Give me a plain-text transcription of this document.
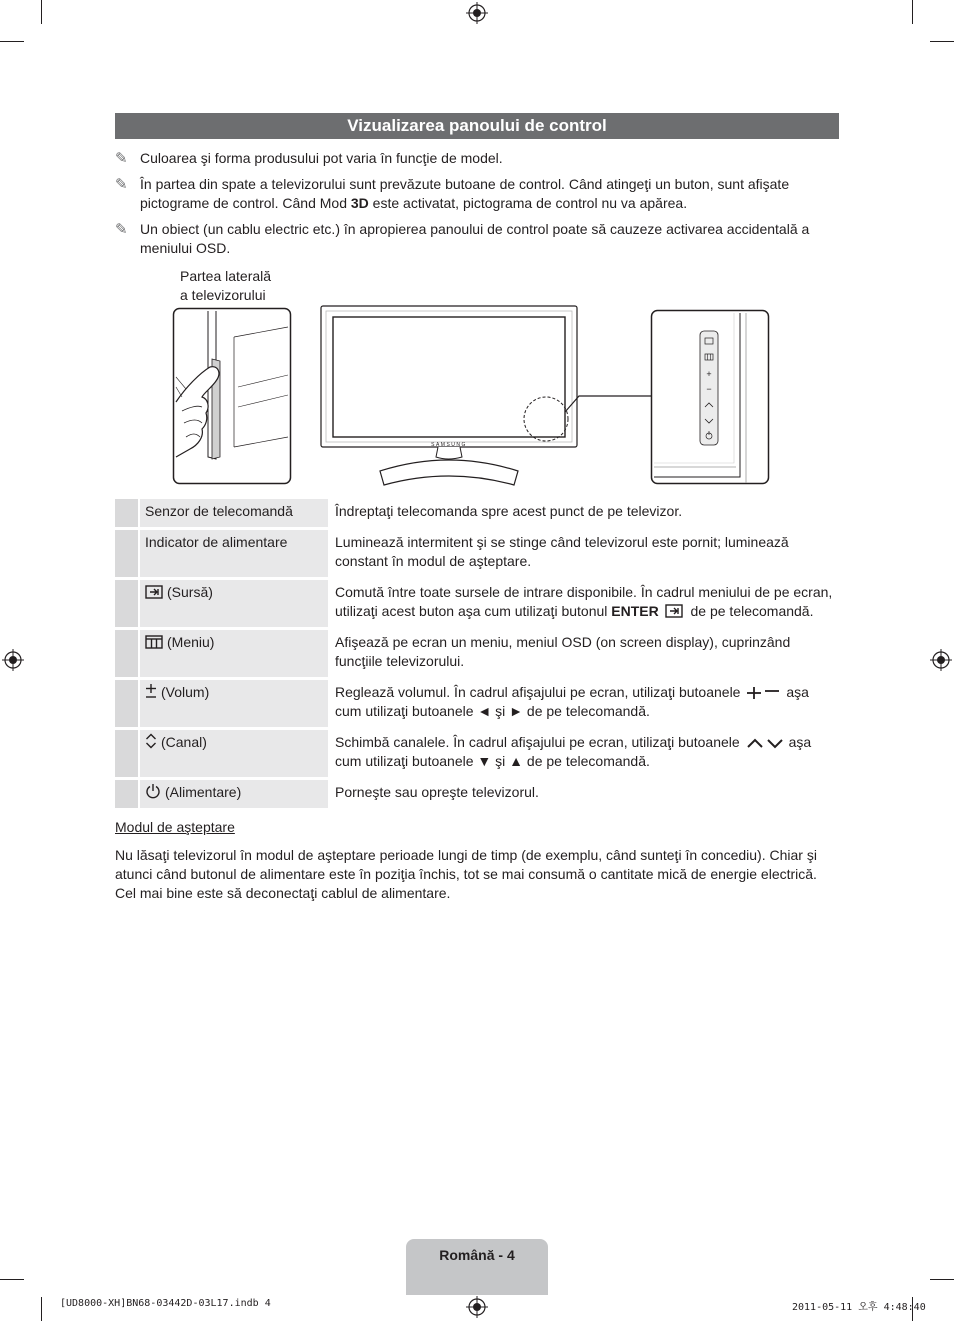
Vizualizarea panoului de control
✎ Culoarea şi forma produsului pot varia în funcţie de model.
✎ În partea din spate a televizorului sunt prevăzute butoane de control. Când atingeţi un buton, sunt afişate pictograme de control. Când Mod 3D este activatat, pictograma de control nu va apărea.
✎ Un obiect (un cablu electric etc.) în apropierea panoului de control poate să cauzeze activarea accidentală a meniului OSD.
Partea laterală
a televizorului
SAMSUNG
+
−
	Senzor de telecomandă	Îndreptaţi telecomanda spre acest punct de pe televizor.
	Indicator de alimentare	Luminează intermitent şi se stinge când televizorul este pornit; luminează constant în modul de aşteptare.
	(Sursă)	Comută între toate sursele de intrare disponibile. În cadrul meniului de pe ecran, utilizaţi acest buton aşa cum utilizaţi butonul ENTER  de pe telecomandă.
	(Meniu)	Afişează pe ecran un meniu, meniul OSD (on screen display), cuprinzând funcţiile televizorului.
	(Volum)	Reglează volumul. În cadrul afişajului pe ecran, utilizaţi butoanele aşa cum utilizaţi butoanele ◄ şi ► de pe telecomandă.
	(Canal)	Schimbă canalele. În cadrul afişajului pe ecran, utilizaţi butoanele aşa cum utilizaţi butoanele ▼ şi ▲ de pe telecomandă.
	(Alimentare)	Porneşte sau opreşte televizorul.
Modul de aşteptare
Nu lăsaţi televizorul în modul de aşteptare perioade lungi de timp (de exemplu, când sunteţi în concediu). Chiar şi atunci când butonul de alimentare este în poziţia închis, tot se mai consumă o cantitate mică de energie electrică. Cel mai bine este să deconectaţi cablul de alimentare.
Română - 4
[UD8000-XH]BN68-03442D-03L17.indb 4	2011-05-11 오후 4:48:40
